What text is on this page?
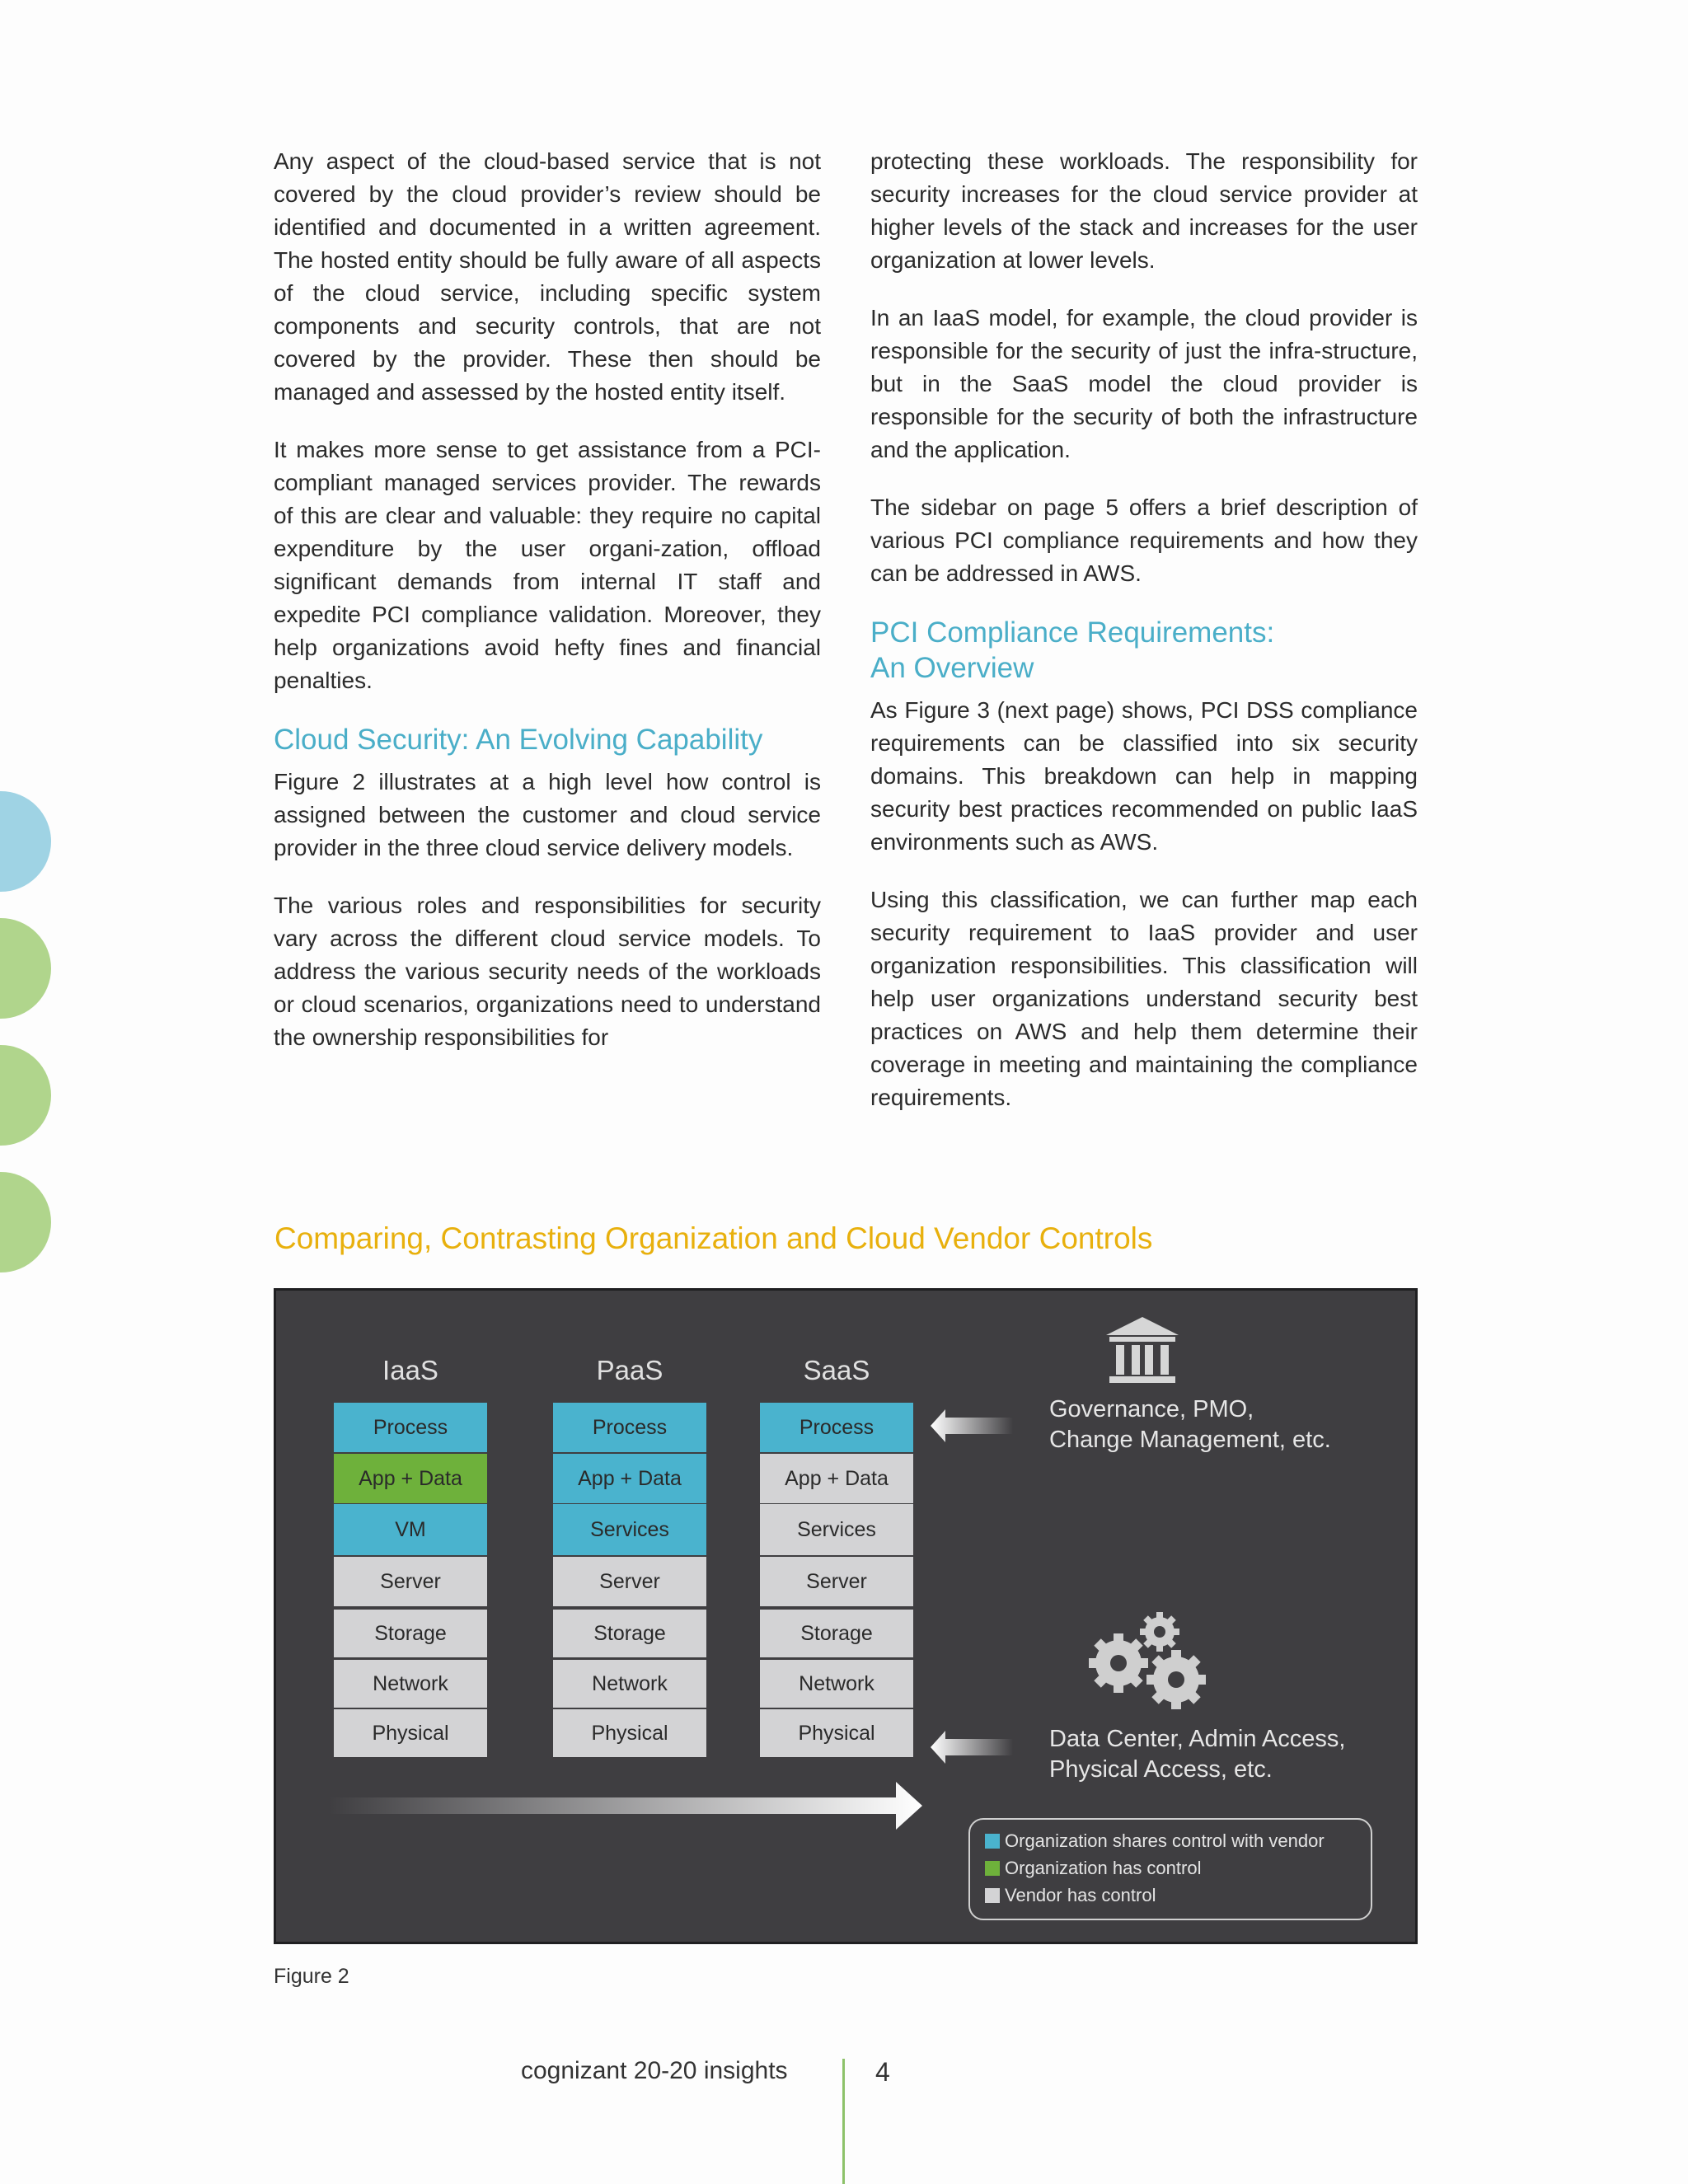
Any aspect of the cloud-based service that is not covered by the cloud provider’s review should be identified and documented in a written agreement. The hosted entity should be fully aware of all aspects of the cloud service, including specific system components and security controls, that are not covered by the provider. These then should be managed and assessed by the hosted entity itself.

It makes more sense to get assistance from a PCI-compliant managed services provider. The rewards of this are clear and valuable: they require no capital expenditure by the user organi-zation, offload significant demands from internal IT staff and expedite PCI compliance validation. Moreover, they help organizations avoid hefty fines and financial penalties.

Cloud Security: An Evolving Capability

Figure 2 illustrates at a high level how control is assigned between the customer and cloud service provider in the three cloud service delivery models.

The various roles and responsibilities for security vary across the different cloud service models. To address the various security needs of the workloads or cloud scenarios, organizations need to understand the ownership responsibilities for

protecting these workloads. The responsibility for security increases for the cloud service provider at higher levels of the stack and increases for the user organization at lower levels.

In an IaaS model, for example, the cloud provider is responsible for the security of just the infra-structure, but in the SaaS model the cloud provider is responsible for the security of both the infrastructure and the application.

The sidebar on page 5 offers a brief description of various PCI compliance requirements and how they can be addressed in AWS.

PCI Compliance Requirements:
An Overview

As Figure 3 (next page) shows, PCI DSS compliance requirements can be classified into six security domains. This breakdown can help in mapping security best practices recommended on public IaaS environments such as AWS.

Using this classification, we can further map each security requirement to IaaS provider and user organization responsibilities. This classification will help user organizations understand security best practices on AWS and help them determine their coverage in meeting and maintaining the compliance requirements.

Comparing, Contrasting Organization and Cloud Vendor Controls
IaaS
Process
App + Data
VM
Server
Storage
Network
Physical
PaaS
Process
App + Data
Services
Server
Storage
Network
Physical
SaaS
Process
App + Data
Services
Server
Storage
Network
Physical
Governance, PMO,
Change Management, etc.
Data Center, Admin Access,
Physical Access, etc.
Organization shares control with vendor
Organization has control
Vendor has control
Figure 2
cognizant 20-20 insights	4
